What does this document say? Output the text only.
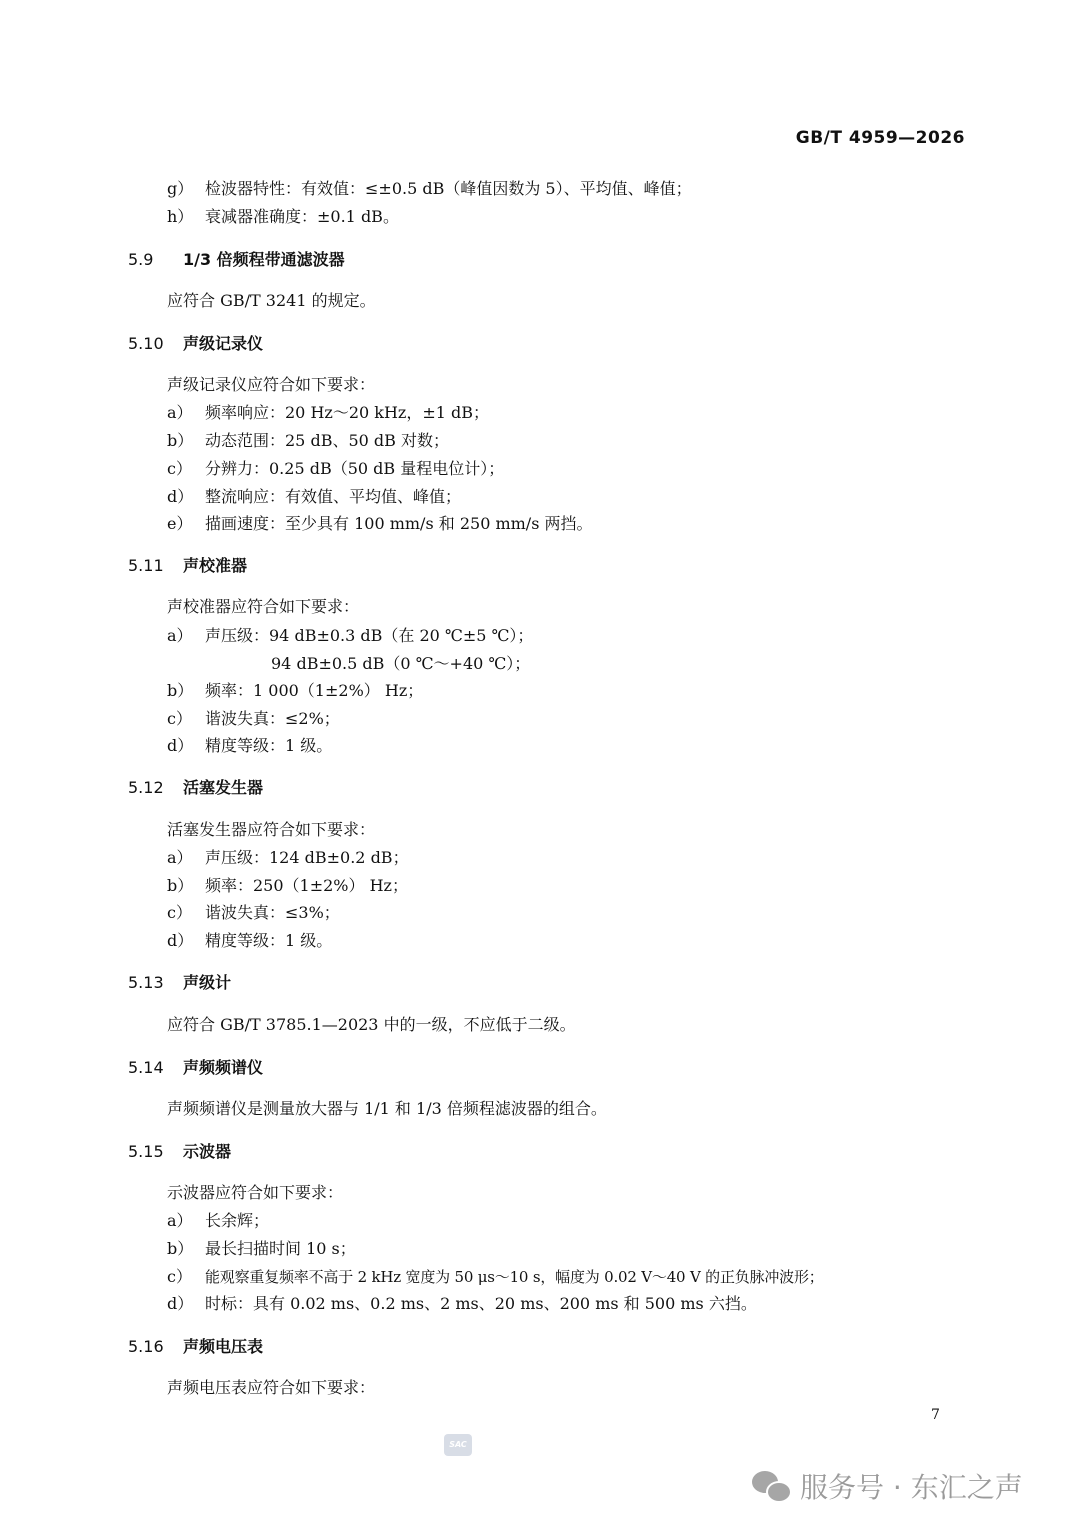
GB/T 4959—2026
g） 检波器特性：有效值：≤±0.5 dB（峰值因数为 5）、平均值、峰值；
h） 衰减器准确度：±0.1 dB。
5.9 1/3 倍频程带通滤波器
应符合 GB/T 3241 的规定。
5.10 声级记录仪
声级记录仪应符合如下要求：
a） 频率响应：20 Hz～20 kHz，±1 dB；
b） 动态范围：25 dB、50 dB 对数；
c） 分辨力：0.25 dB（50 dB 量程电位计）；
d） 整流响应：有效值、平均值、峰值；
e） 描画速度：至少具有 100 mm/s 和 250 mm/s 两挡。
5.11 声校准器
声校准器应符合如下要求：
a） 声压级：94 dB±0.3 dB（在 20 ℃±5 ℃）；
94 dB±0.5 dB（0 ℃～+40 ℃）；
b） 频率：1 000（1±2%） Hz；
c） 谐波失真：≤2%；
d） 精度等级：1 级。
5.12 活塞发生器
活塞发生器应符合如下要求：
a） 声压级：124 dB±0.2 dB；
b） 频率：250（1±2%） Hz；
c） 谐波失真：≤3%；
d） 精度等级：1 级。
5.13 声级计
应符合 GB/T 3785.1—2023 中的一级，不应低于二级。
5.14 声频频谱仪
声频频谱仪是测量放大器与 1/1 和 1/3 倍频程滤波器的组合。
5.15 示波器
示波器应符合如下要求：
a） 长余辉；
b） 最长扫描时间 10 s；
c） 能观察重复频率不高于 2 kHz 宽度为 50 μs～10 s，幅度为 0.02 V～40 V 的正负脉冲波形；
d） 时标：具有 0.02 ms、0.2 ms、2 ms、20 ms、200 ms 和 500 ms 六挡。
5.16 声频电压表
声频电压表应符合如下要求：
7
SAC
服务号 · 东汇之声
